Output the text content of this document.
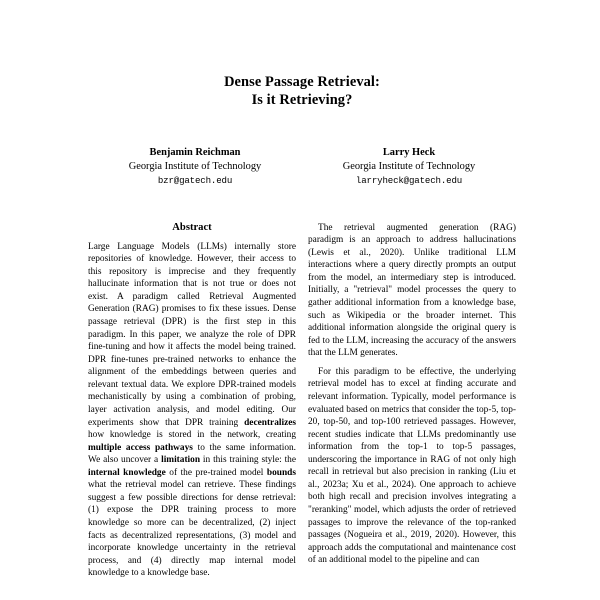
Dense Passage Retrieval:
Is it Retrieving?
Benjamin Reichman
Georgia Institute of Technology
bzr@gatech.edu
Larry Heck
Georgia Institute of Technology
larryheck@gatech.edu
Abstract

Large Language Models (LLMs) internally store repositories of knowledge. However, their access to this repository is imprecise and they frequently hallucinate information that is not true or does not exist. A paradigm called Retrieval Augmented Generation (RAG) promises to fix these issues. Dense passage retrieval (DPR) is the first step in this paradigm. In this paper, we analyze the role of DPR fine-tuning and how it affects the model being trained. DPR fine-tunes pre-trained networks to enhance the alignment of the embeddings between queries and relevant textual data. We explore DPR-trained models mechanistically by using a combination of probing, layer activation analysis, and model editing. Our experiments show that DPR training decentralizes how knowledge is stored in the network, creating multiple access pathways to the same information. We also uncover a limitation in this training style: the internal knowledge of the pre-trained model bounds what the retrieval model can retrieve. These findings suggest a few possible directions for dense retrieval: (1) expose the DPR training process to more knowledge so more can be decentralized, (2) inject facts as decentralized representations, (3) model and incorporate knowledge uncertainty in the retrieval process, and (4) directly map internal model knowledge to a knowledge base.

The retrieval augmented generation (RAG) paradigm is an approach to address hallucinations (Lewis et al., 2020). Unlike traditional LLM interactions where a query directly prompts an output from the model, an intermediary step is introduced. Initially, a "retrieval" model processes the query to gather additional information from a knowledge base, such as Wikipedia or the broader internet. This additional information alongside the original query is fed to the LLM, increasing the accuracy of the answers that the LLM generates.

For this paradigm to be effective, the underlying retrieval model has to excel at finding accurate and relevant information. Typically, model performance is evaluated based on metrics that consider the top-5, top-20, top-50, and top-100 retrieved passages. However, recent studies indicate that LLMs predominantly use information from the top-1 to top-5 passages, underscoring the importance in RAG of not only high recall in retrieval but also precision in ranking (Liu et al., 2023a; Xu et al., 2024). One approach to achieve both high recall and precision involves integrating a "reranking" model, which adjusts the order of retrieved passages to improve the relevance of the top-ranked passages (Nogueira et al., 2019, 2020). However, this approach adds the computational and maintenance cost of an additional model to the pipeline and can
